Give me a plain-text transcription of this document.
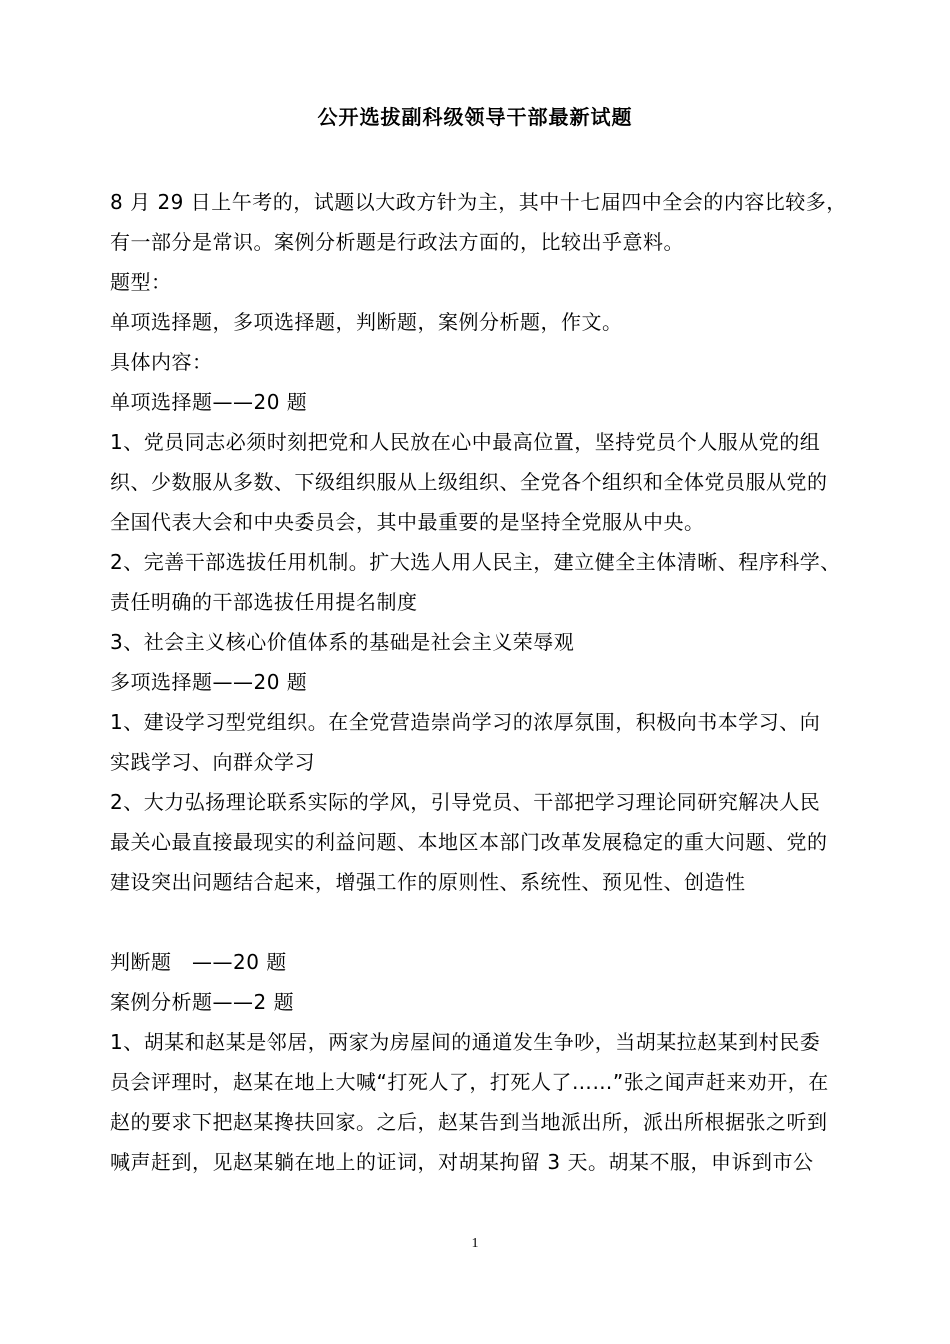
公开选拔副科级领导干部最新试题
8 月 29 日上午考的，试题以大政方针为主，其中十七届四中全会的内容比较多，
有一部分是常识。案例分析题是行政法方面的，比较出乎意料。
题型：
单项选择题，多项选择题，判断题，案例分析题，作文。
具体内容：
单项选择题——20 题
1、党员同志必须时刻把党和人民放在心中最高位置，坚持党员个人服从党的组
织、少数服从多数、下级组织服从上级组织、全党各个组织和全体党员服从党的
全国代表大会和中央委员会，其中最重要的是坚持全党服从中央。
2、完善干部选拔任用机制。扩大选人用人民主，建立健全主体清晰、程序科学、
责任明确的干部选拔任用提名制度
3、社会主义核心价值体系的基础是社会主义荣辱观
多项选择题——20 题
1、建设学习型党组织。在全党营造崇尚学习的浓厚氛围，积极向书本学习、向
实践学习、向群众学习
2、大力弘扬理论联系实际的学风，引导党员、干部把学习理论同研究解决人民
最关心最直接最现实的利益问题、本地区本部门改革发展稳定的重大问题、党的
建设突出问题结合起来，增强工作的原则性、系统性、预见性、创造性
判断题　——20 题
案例分析题——2 题
1、胡某和赵某是邻居，两家为房屋间的通道发生争吵，当胡某拉赵某到村民委
员会评理时，赵某在地上大喊“打死人了，打死人了……”张之闻声赶来劝开，在
赵的要求下把赵某搀扶回家。之后，赵某告到当地派出所，派出所根据张之听到
喊声赶到，见赵某躺在地上的证词，对胡某拘留 3 天。胡某不服，申诉到市公
1
